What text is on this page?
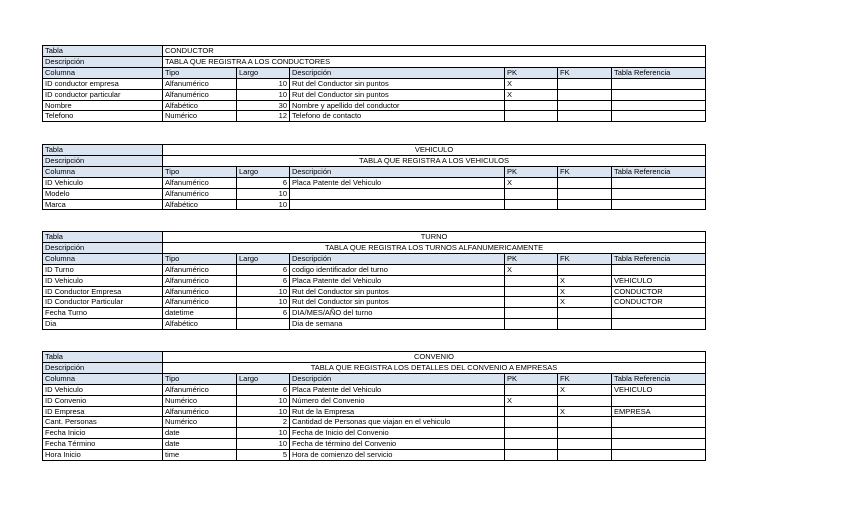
Tabla	CONDUCTOR					
Descripción	TABLA QUE REGISTRA A LOS CONDUCTORES					
Columna	Tipo	Largo	Descripción	PK	FK	Tabla Referencia
ID conductor empresa	Alfanumérico	10	Rut del Conductor sin puntos	X		
ID conductor particular	Alfanumérico	10	Rut del Conductor sin puntos	X		
Nombre	Alfabético	30	Nombre y apellido del conductor			
Telefono	Numérico	12	Telefono de contacto			
Tabla	VEHICULO					
Descripción	TABLA QUE REGISTRA A LOS VEHICULOS					
Columna	Tipo	Largo	Descripción	PK	FK	Tabla Referencia
ID Vehiculo	Alfanumérico	6	Placa Patente del Vehiculo	X		
Modelo	Alfanumérico	10				
Marca	Alfabético	10				
Tabla	TURNO					
Descripción	TABLA QUE REGISTRA LOS TURNOS ALFANUMERICAMENTE					
Columna	Tipo	Largo	Descripción	PK	FK	Tabla Referencia
ID Turno	Alfanumérico	6	codigo identificador del turno	X		
ID Vehiculo	Alfanumérico	6	Placa Patente del Vehiculo		X	VEHICULO
ID Conductor Empresa	Alfanumérico	10	Rut del Conductor sin puntos		X	CONDUCTOR
ID Conductor Particular	Alfanumérico	10	Rut del Conductor sin puntos		X	CONDUCTOR
Fecha Turno	datetime	6	DIA/MES/AÑO del turno			
Dia	Alfabético		Dia de semana			
Tabla	CONVENIO					
Descripción	TABLA QUE REGISTRA LOS DETALLES DEL CONVENIO A EMPRESAS					
Columna	Tipo	Largo	Descripción	PK	FK	Tabla Referencia
ID Vehiculo	Alfanumérico	6	Placa Patente del Vehiculo		X	VEHICULO
ID Convenio	Numérico	10	Número del Convenio	X		
ID Empresa	Alfanumérico	10	Rut de la Empresa		X	EMPRESA
Cant. Personas	Numérico	2	Cantidad de Personas que viajan en el vehiculo			
Fecha Inicio	date	10	Fecha de Inicio del Convenio			
Fecha Término	date	10	Fecha de término del Convenio			
Hora Inicio	time	5	Hora de comienzo del servicio			
